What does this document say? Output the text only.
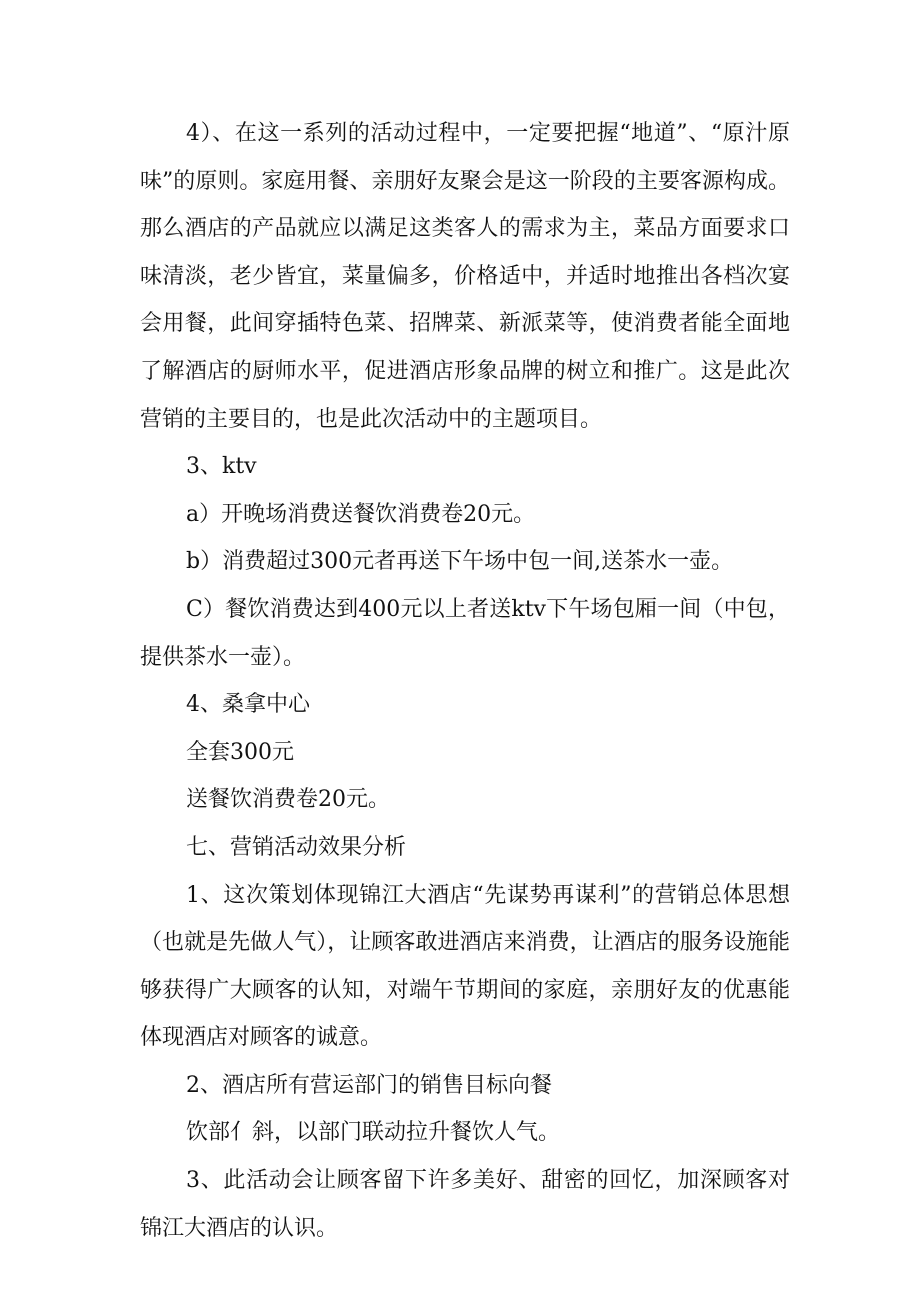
4）、在这一系列的活动过程中，一定要把握“地道”、“原汁原味”的原则。家庭用餐、亲朋好友聚会是这一阶段的主要客源构成。那么酒店的产品就应以满足这类客人的需求为主，菜品方面要求口味清淡，老少皆宜，菜量偏多，价格适中，并适时地推出各档次宴会用餐，此间穿插特色菜、招牌菜、新派菜等，使消费者能全面地了解酒店的厨师水平，促进酒店形象品牌的树立和推广。这是此次营销的主要目的，也是此次活动中的主题项目。

3、ktv

a）开晚场消费送餐饮消费卷20元。

b）消费超过300元者再送下午场中包一间,送茶水一壶。

C）餐饮消费达到400元以上者送ktv下午场包厢一间（中包，提供茶水一壶）。

4、桑拿中心

全套300元

送餐饮消费卷20元。

七、营销活动效果分析

1、这次策划体现锦江大酒店“先谋势再谋利”的营销总体思想（也就是先做人气），让顾客敢进酒店来消费，让酒店的服务设施能够获得广大顾客的认知，对端午节期间的家庭，亲朋好友的优惠能体现酒店对顾客的诚意。

2、酒店所有营运部门的销售目标向餐

饮部亻斜，以部门联动拉升餐饮人气。

3、此活动会让顾客留下许多美好、甜密的回忆，加深顾客对锦江大酒店的认识。
